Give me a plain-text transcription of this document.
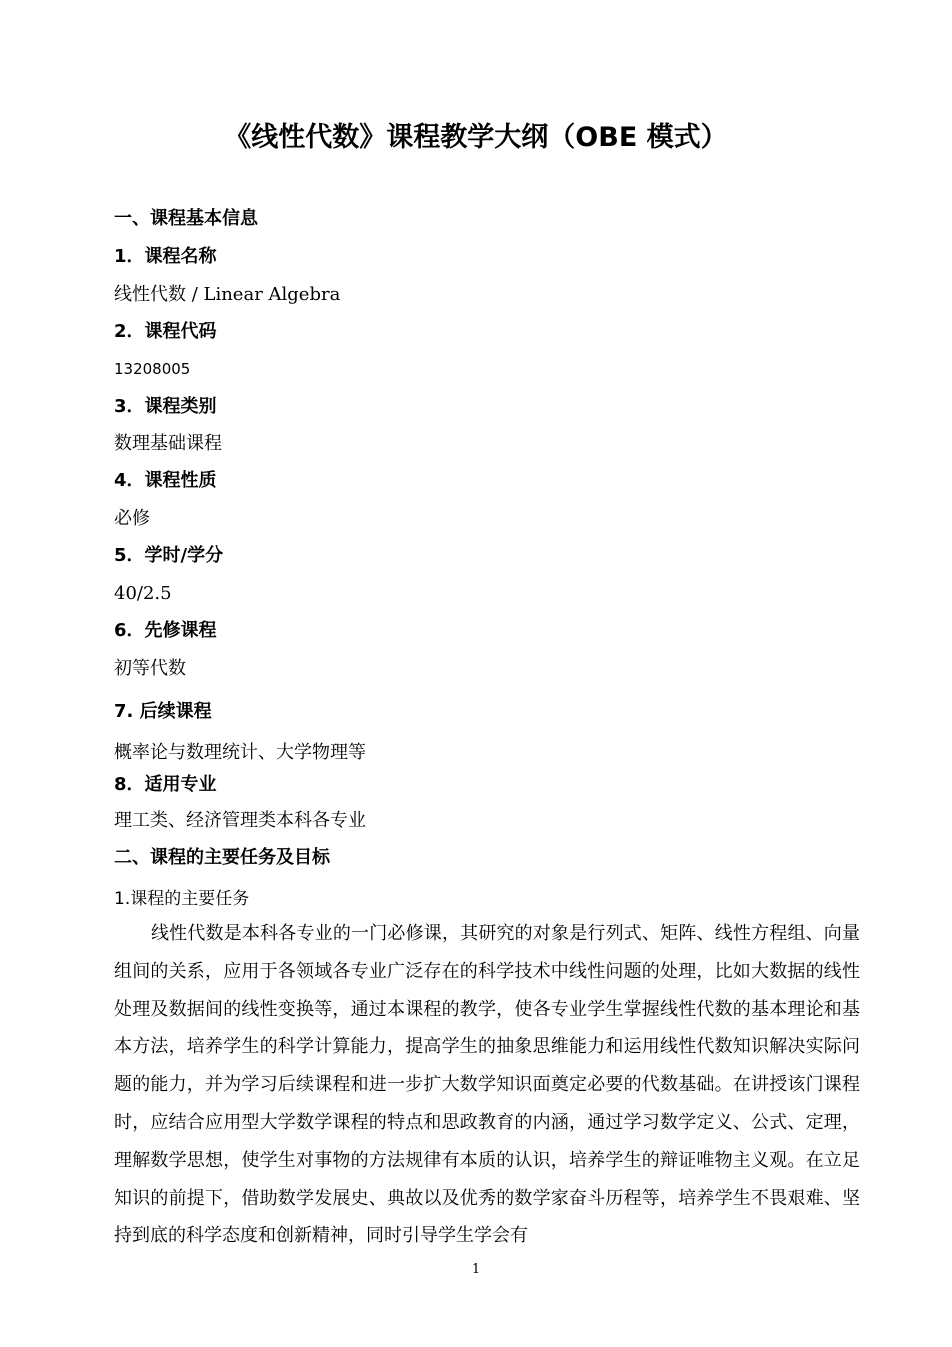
《线性代数》课程教学大纲（OBE 模式）
一、课程基本信息
1．课程名称
线性代数 / Linear Algebra
2．课程代码
13208005
3．课程类别
数理基础课程
4．课程性质
必修
5．学时/学分
40/2.5
6．先修课程
初等代数
7. 后续课程
概率论与数理统计、大学物理等
8．适用专业
理工类、经济管理类本科各专业
二、课程的主要任务及目标
1.课程的主要任务
线性代数是本科各专业的一门必修课，其研究的对象是行列式、矩阵、线性方程组、向量组间的关系，应用于各领域各专业广泛存在的科学技术中线性问题的处理，比如大数据的线性处理及数据间的线性变换等，通过本课程的教学，使各专业学生掌握线性代数的基本理论和基本方法，培养学生的科学计算能力，提高学生的抽象思维能力和运用线性代数知识解决实际问题的能力，并为学习后续课程和进一步扩大数学知识面奠定必要的代数基础。在讲授该门课程时，应结合应用型大学数学课程的特点和思政教育的内涵，通过学习数学定义、公式、定理，理解数学思想，使学生对事物的方法规律有本质的认识，培养学生的辩证唯物主义观。在立足知识的前提下，借助数学发展史、典故以及优秀的数学家奋斗历程等，培养学生不畏艰难、坚持到底的科学态度和创新精神，同时引导学生学会有
1
